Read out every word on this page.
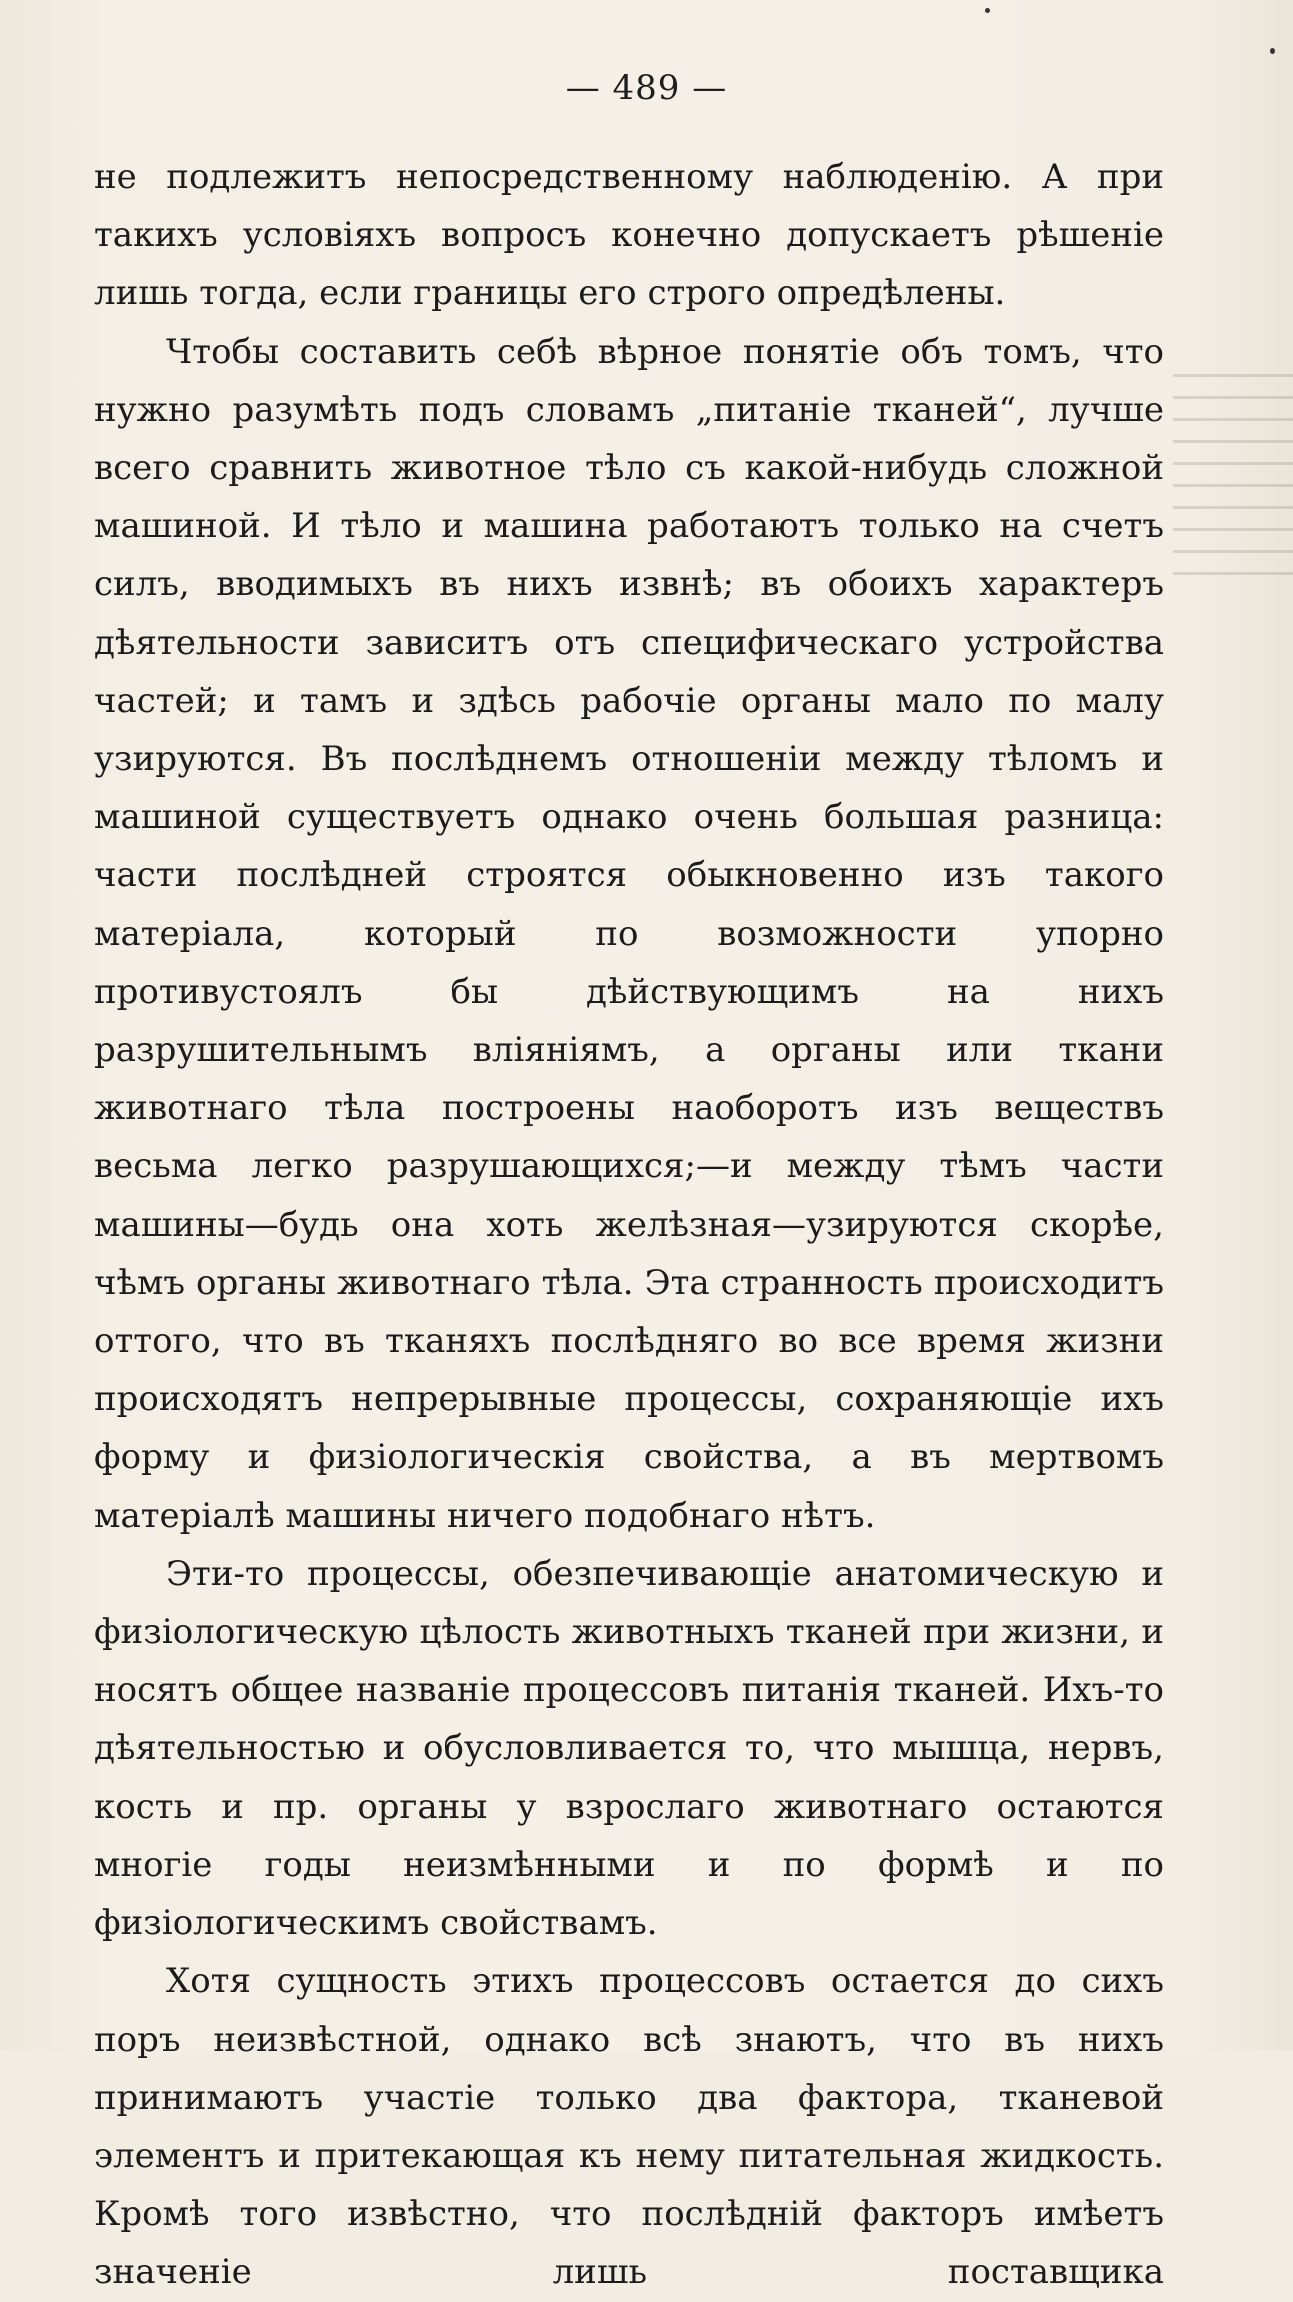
— 489 —

не подлежитъ непосредственному наблюденію. А при такихъ условіяхъ вопросъ конечно допускаетъ рѣшеніе лишь тогда, если границы его строго опредѣлены.

Чтобы составить себѣ вѣрное понятіе объ томъ, что нужно разумѣть подъ словамъ „питаніе тканей“, лучше всего сравнить животное тѣло съ какой-нибудь сложной машиной. И тѣло и машина работаютъ только на счетъ силъ, вводимыхъ въ нихъ извнѣ; въ обоихъ характеръ дѣятельности зависитъ отъ специфическаго устройства частей; и тамъ и здѣсь рабочіе органы мало по малу узируются. Въ послѣднемъ отношеніи между тѣломъ и машиной существуетъ однако очень большая разница: части послѣдней строятся обыкновенно изъ такого матеріала, который по возможности упорно противустоялъ бы дѣйствующимъ на нихъ разрушительнымъ вліяніямъ, а органы или ткани животнаго тѣла построены наоборотъ изъ веществъ весьма легко разрушающихся;—и между тѣмъ части машины—будь она хоть желѣзная—узируются скорѣе, чѣмъ органы животнаго тѣла. Эта странность происходитъ оттого, что въ тканяхъ послѣдняго во все время жизни происходятъ непрерывные процессы, сохраняющіе ихъ форму и физіологическія свойства, а въ мертвомъ матеріалѣ машины ничего подобнаго нѣтъ.

Эти-то процессы, обезпечивающіе анатомическую и физіологическую цѣлость животныхъ тканей при жизни, и носятъ общее названіе процессовъ питанія тканей. Ихъ-то дѣятельностью и обусловливается то, что мышца, нервъ, кость и пр. органы у взрослаго животнаго остаются многіе годы неизмѣнными и по формѣ и по физіологическимъ свойствамъ.

Хотя сущность этихъ процессовъ остается до сихъ поръ неизвѣстной, однако всѣ знаютъ, что въ нихъ принимаютъ участіе только два фактора, тканевой элементъ и притекающая къ нему питательная жидкость. Кромѣ того извѣстно, что послѣдній факторъ имѣетъ значеніе лишь поставщика
